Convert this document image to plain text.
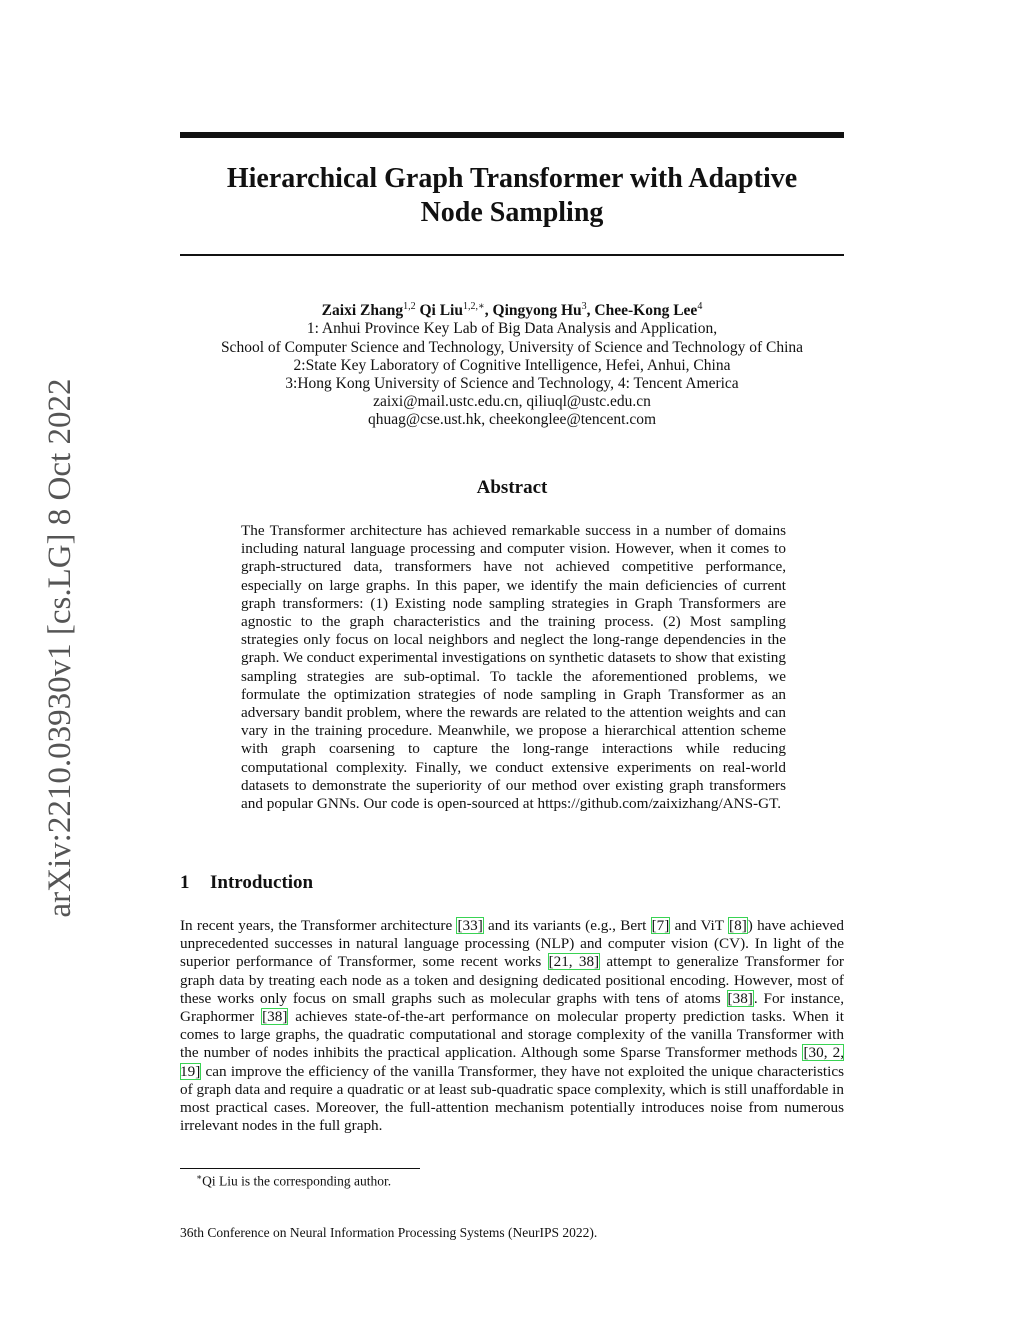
arXiv:2210.03930v1 [cs.LG] 8 Oct 2022
Hierarchical Graph Transformer with Adaptive
Node Sampling
Zaixi Zhang$^{1,2}$ Qi Liu$^{1,2,∗}$, Qingyong Hu$^3$, Chee-Kong Lee$^4$
1: Anhui Province Key Lab of Big Data Analysis and Application,
School of Computer Science and Technology, University of Science and Technology of China
2:State Key Laboratory of Cognitive Intelligence, Hefei, Anhui, China
3:Hong Kong University of Science and Technology, 4: Tencent America
zaixi@mail.ustc.edu.cn, qiliuql@ustc.edu.cn
qhuag@cse.ust.hk, cheekonglee@tencent.com
Abstract
The Transformer architecture has achieved remarkable success in a number of domains including natural language processing and computer vision. However, when it comes to graph-structured data, transformers have not achieved competitive performance, especially on large graphs. In this paper, we identify the main deficiencies of current graph transformers: (1) Existing node sampling strategies in Graph Transformers are agnostic to the graph characteristics and the training process. (2) Most sampling strategies only focus on local neighbors and neglect the long-range dependencies in the graph. We conduct experimental investigations on synthetic datasets to show that existing sampling strategies are sub-optimal. To tackle the aforementioned problems, we formulate the optimization strategies of node sampling in Graph Transformer as an adversary bandit problem, where the rewards are related to the attention weights and can vary in the training procedure. Meanwhile, we propose a hierarchical attention scheme with graph coarsening to capture the long-range interactions while reducing computational complexity. Finally, we conduct extensive experiments on real-world datasets to demonstrate the superiority of our method over existing graph transformers and popular GNNs. Our code is open-sourced at https://github.com/zaixizhang/ANS-GT.
1 Introduction
In recent years, the Transformer architecture [33] and its variants (e.g., Bert [7] and ViT [8]) have achieved unprecedented successes in natural language processing (NLP) and computer vision (CV). In light of the superior performance of Transformer, some recent works [21, 38] attempt to generalize Transformer for graph data by treating each node as a token and designing dedicated positional encoding. However, most of these works only focus on small graphs such as molecular graphs with tens of atoms [38]. For instance, Graphormer [38] achieves state-of-the-art performance on molecular property prediction tasks. When it comes to large graphs, the quadratic computational and storage complexity of the vanilla Transformer with the number of nodes inhibits the practical application. Although some Sparse Transformer methods [30, 2, 19] can improve the efficiency of the vanilla Transformer, they have not exploited the unique characteristics of graph data and require a quadratic or at least sub-quadratic space complexity, which is still unaffordable in most practical cases. Moreover, the full-attention mechanism potentially introduces noise from numerous irrelevant nodes in the full graph.
∗Qi Liu is the corresponding author.
36th Conference on Neural Information Processing Systems (NeurIPS 2022).
